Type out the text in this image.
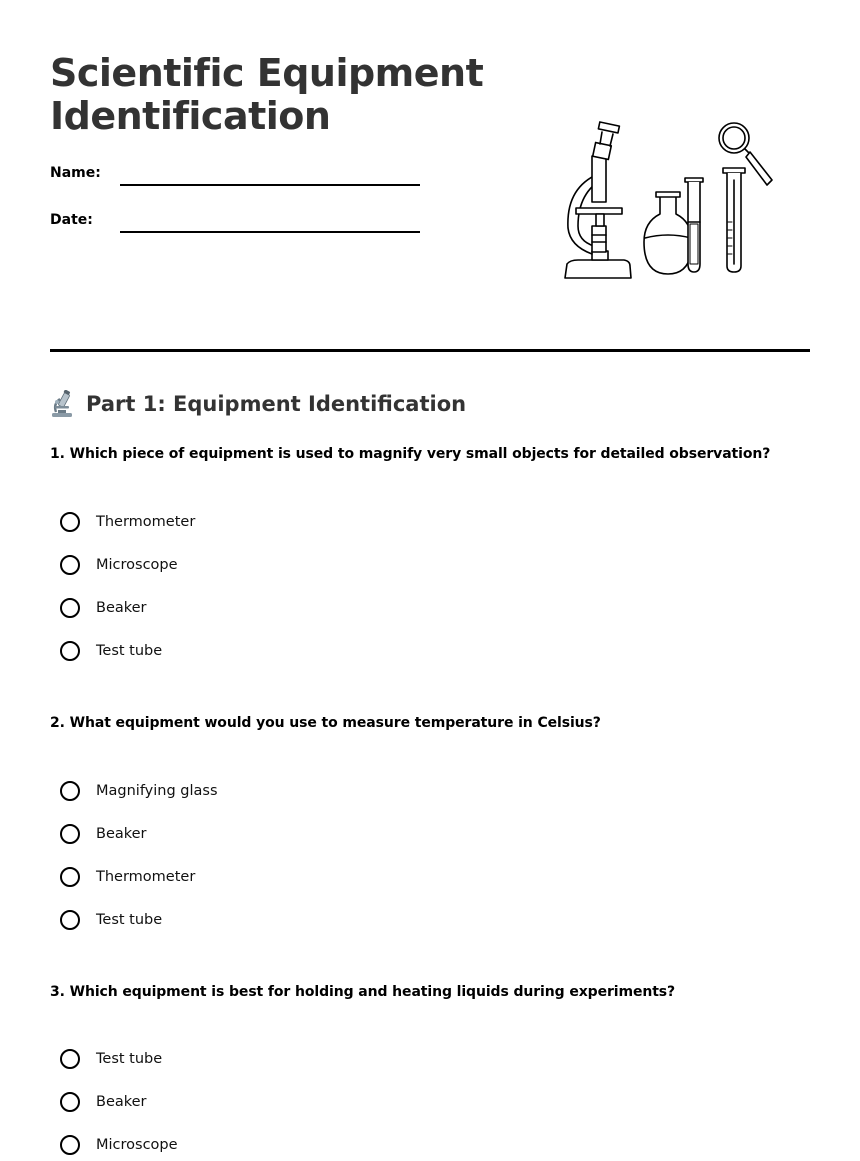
Scientific Equipment Identification
Name:
Date:
Part 1: Equipment Identification

1. Which piece of equipment is used to magnify very small objects for detailed observation?

Thermometer
Microscope
Beaker
Test tube

2. What equipment would you use to measure temperature in Celsius?

Magnifying glass
Beaker
Thermometer
Test tube

3. Which equipment is best for holding and heating liquids during experiments?

Test tube
Beaker
Microscope
